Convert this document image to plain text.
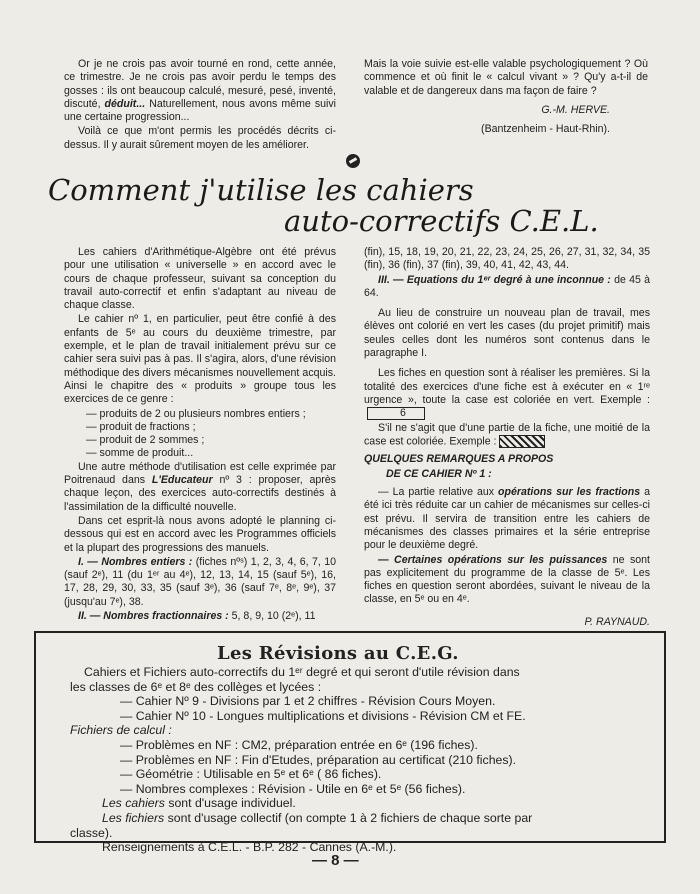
Or je ne crois pas avoir tourné en rond, cette année, ce trimestre. Je ne crois pas avoir perdu le temps des gosses : ils ont beaucoup calculé, mesuré, pesé, inventé, discuté, déduit... Naturellement, nous avons même suivi une certaine progression...

Voilà ce que m'ont permis les procédés décrits ci-dessus. Il y aurait sûrement moyen de les améliorer.

Mais la voie suivie est-elle valable psychologiquement ? Où commence et où finit le « calcul vivant » ? Qu'y a-t-il de valable et de dangereux dans ma façon de faire ?

G.-M. HERVE.

(Bantzenheim - Haut-Rhin).

Comment j'utilise les cahiers
auto-correctifs C.E.L.

Les cahiers d'Arithmétique-Algèbre ont été prévus pour une utilisation « universelle » en accord avec le cours de chaque professeur, suivant sa conception du travail auto-correctif et enfin s'adaptant au niveau de chaque classe.

Le cahier nº 1, en particulier, peut être confié à des enfants de 5ᵉ au cours du deuxième trimestre, par exemple, et le plan de travail initialement prévu sur ce cahier sera suivi pas à pas. Il s'agira, alors, d'une révision méthodique des divers mécanismes nouvellement acquis. Ainsi le chapitre des « produits » groupe tous les exercices de ce genre :

— produits de 2 ou plusieurs nombres entiers ;
— produit de fractions ;
— produit de 2 sommes ;
— somme de produit...

Une autre méthode d'utilisation est celle exprimée par Poitrenaud dans L'Educateur nº 3 : proposer, après chaque leçon, des exercices auto-correctifs destinés à l'assimilation de la difficulté nouvelle.

Dans cet esprit-là nous avons adopté le planning ci-dessous qui est en accord avec les Programmes officiels et la plupart des progressions des manuels.

I. — Nombres entiers : (fiches nºˢ) 1, 2, 3, 4, 6, 7, 10 (sauf 2ᵉ), 11 (du 1ᵉʳ au 4ᵉ), 12, 13, 14, 15 (sauf 5ᵉ), 16, 17, 28, 29, 30, 33, 35 (sauf 3ᵉ), 36 (sauf 7ᵉ, 8ᵉ, 9ᵉ), 37 (jusqu'au 7ᵉ), 38.

II. — Nombres fractionnaires : 5, 8, 9, 10 (2ᵉ), 11

(fin), 15, 18, 19, 20, 21, 22, 23, 24, 25, 26, 27, 31, 32, 34, 35 (fin), 36 (fin), 37 (fin), 39, 40, 41, 42, 43, 44.

III. — Equations du 1ᵉʳ degré à une inconnue : de 45 à 64.

Au lieu de construire un nouveau plan de travail, mes élèves ont colorié en vert les cases (du projet primitif) mais seules celles dont les numéros sont contenus dans le paragraphe I.

Les fiches en question sont à réaliser les premières. Si la totalité des exercices d'une fiche est à exécuter en « 1ʳᵉ urgence », toute la case est coloriée en vert. Exemple : 6

S'il ne s'agit que d'une partie de la fiche, une moitié de la case est coloriée. Exemple :

QUELQUES REMARQUES A PROPOS

DE CE CAHIER Nº 1 :

— La partie relative aux opérations sur les fractions a été ici très réduite car un cahier de mécanismes sur celles-ci est prévu. Il servira de transition entre les cahiers de mécanismes des classes primaires et la série entreprise pour le deuxième degré.

— Certaines opérations sur les puissances ne sont pas explicitement du programme de la classe de 5ᵉ. Les fiches en question seront abordées, suivant le niveau de la classe, en 5ᵉ ou en 4ᵉ.

P. RAYNAUD.

Les Révisions au C.E.G.
Cahiers et Fichiers auto-correctifs du 1ᵉʳ degré et qui seront d'utile révision dans
les classes de 6ᵉ et 8ᵉ des collèges et lycées :
— Cahier Nº 9 - Divisions par 1 et 2 chiffres - Révision Cours Moyen.
— Cahier Nº 10 - Longues multiplications et divisions - Révision CM et FE.
Fichiers de calcul :
— Problèmes en NF : CM2, préparation entrée en 6ᵉ (196 fiches).
— Problèmes en NF : Fin d'Etudes, préparation au certificat (210 fiches).
— Géométrie : Utilisable en 5ᵉ et 6ᵉ ( 86 fiches).
— Nombres complexes : Révision - Utile en 6ᵉ et 5ᵉ (56 fiches).
Les cahiers sont d'usage individuel.
Les fichiers sont d'usage collectif (on compte 1 à 2 fichiers de chaque sorte par
classe).
Renseignements à C.E.L. - B.P. 282 - Cannes (A.-M.).
— 8 —
